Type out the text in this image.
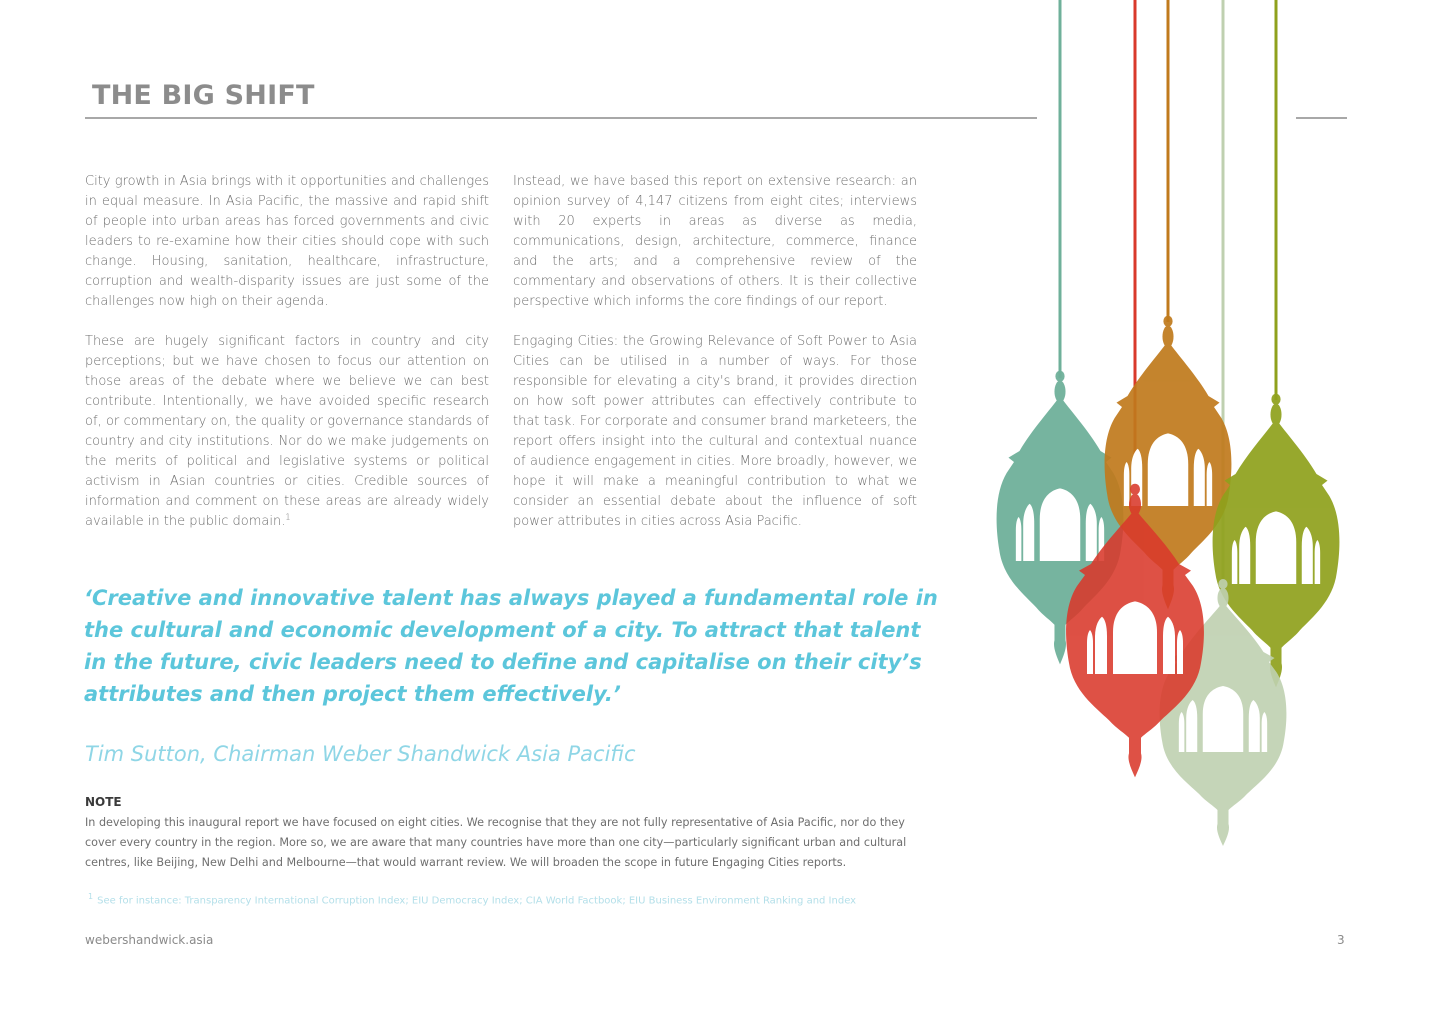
THE BIG SHIFT

City growth in Asia brings with it opportunities and challenges in equal measure. In Asia Pacific, the massive and rapid shift of people into urban areas has forced governments and civic leaders to re-examine how their cities should cope with such change. Housing, sanitation, healthcare, infrastructure, corruption and wealth-disparity issues are just some of the challenges now high on their agenda.

These are hugely significant factors in country and city perceptions; but we have chosen to focus our attention on those areas of the debate where we believe we can best contribute. Intentionally, we have avoided specific research of, or commentary on, the quality or governance standards of country and city institutions. Nor do we make judgements on the merits of political and legislative systems or political activism in Asian countries or cities. Credible sources of information and comment on these areas are already widely available in the public domain.$^1$

Instead, we have based this report on extensive research: an opinion survey of 4,147 citizens from eight cites; interviews with 20 experts in areas as diverse as media, communications, design, architecture, commerce, finance and the arts; and a comprehensive review of the commentary and observations of others. It is their collective perspective which informs the core findings of our report.

Engaging Cities: the Growing Relevance of Soft Power to Asia Cities can be utilised in a number of ways. For those responsible for elevating a city's brand, it provides direction on how soft power attributes can effectively contribute to that task. For corporate and consumer brand marketeers, the report offers insight into the cultural and contextual nuance of audience engagement in cities. More broadly, however, we hope it will make a meaningful contribution to what we consider an essential debate about the influence of soft power attributes in cities across Asia Pacific.

‘Creative and innovative talent has always played a fundamental role in the cultural and economic development of a city. To attract that talent in the future, civic leaders need to define and capitalise on their city’s attributes and then project them effectively.’
Tim Sutton, Chairman Weber Shandwick Asia Pacific
NOTE
In developing this inaugural report we have focused on eight cities. We recognise that they are not fully representative of Asia Pacific, nor do they cover every country in the region. More so, we are aware that many countries have more than one city—particularly significant urban and cultural centres, like Beijing, New Delhi and Melbourne—that would warrant review. We will broaden the scope in future Engaging Cities reports.
$^1$ See for instance: Transparency International Corruption Index; EIU Democracy Index; CIA World Factbook; EIU Business Environment Ranking and Index
webershandwick.asia	3
